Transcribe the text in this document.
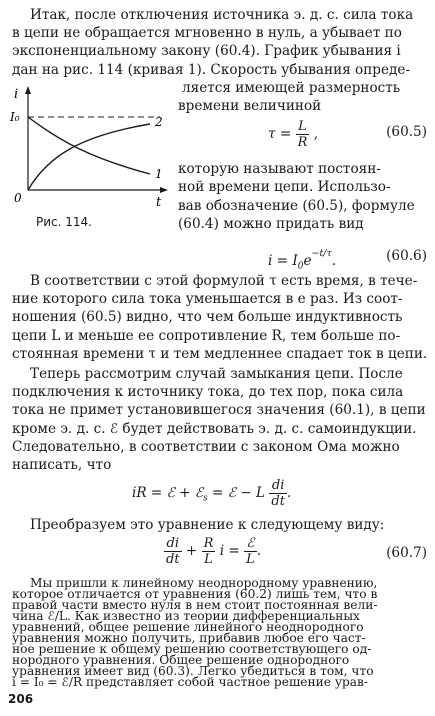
Итак, после отключения источника э. д. с. сила тока
в цепи не обращается мгновенно в нуль, а убывает по
экспоненциальному закону (60.4). График убывания i
дан на рис. 114 (кривая 1). Скорость убывания опреде-
ляется имеющей размерность
времени величиной
$\tau = \frac{L}{R}$ ,	(60.5)
которую называют постоян-
ной времени цепи. Использо-
вав обозначение (60.5), формуле
(60.4) можно придать вид
$i = I_0e^{-t/\tau}$.	(60.6)
i
I₀
0	t
1
2
Рис. 114.
В соответствии с этой формулой τ есть время, в тече-
ние которого сила тока уменьшается в e раз. Из соот-
ношения (60.5) видно, что чем больше индуктивность
цепи L и меньше ее сопротивление R, тем больше по-
стоянная времени τ и тем медленнее спадает ток в цепи.
Теперь рассмотрим случай замыкания цепи. После
подключения к источнику тока, до тех пор, пока сила
тока не примет установившегося значения (60.1), в цепи
кроме э. д. с. ℰ будет действовать э. д. с. самоиндукции.
Следовательно, в соответствии с законом Ома можно
написать, что
iR = ℰ + ℰ$_s$ = ℰ − L $\frac{di}{dt}$ .
Преобразуем это уравнение к следующему виду:
$\frac{di}{dt} + \frac{R}{L}$ $i = \frac{\text{ℰ}}{L}$ .	(60.7)
Мы пришли к линейному неоднородному уравнению,
которое отличается от уравнения (60.2) лишь тем, что в
правой части вместо нуля в нем стоит постоянная вели-
чина ℰ/L. Как известно из теории дифференциальных
206
уравнений, общее решение линейного неоднородного
уравнения можно получить, прибавив любое его част-
ное решение к общему решению соответствующего од-
нородного уравнения. Общее решение однородного
уравнения имеет вид (60.3). Легко убедиться в том, что
i = I₀ = ℰ/R представляет собой частное решение урав-
